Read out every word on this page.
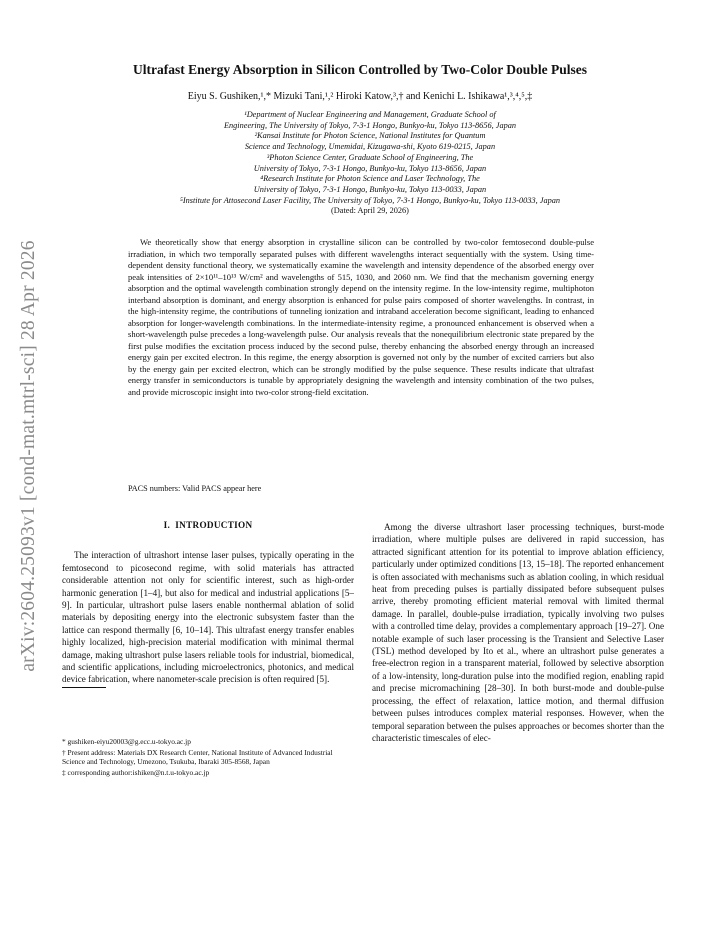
arXiv:2604.25093v1 [cond-mat.mtrl-sci] 28 Apr 2026
Ultrafast Energy Absorption in Silicon Controlled by Two-Color Double Pulses
Eiyu S. Gushiken,¹,* Mizuki Tani,¹,² Hiroki Katow,³,† and Kenichi L. Ishikawa¹,³,⁴,⁵,‡
¹Department of Nuclear Engineering and Management, Graduate School of
Engineering, The University of Tokyo, 7-3-1 Hongo, Bunkyo-ku, Tokyo 113-8656, Japan
²Kansai Institute for Photon Science, National Institutes for Quantum
Science and Technology, Umemidai, Kizugawa-shi, Kyoto 619-0215, Japan
³Photon Science Center, Graduate School of Engineering, The
University of Tokyo, 7-3-1 Hongo, Bunkyo-ku, Tokyo 113-8656, Japan
⁴Research Institute for Photon Science and Laser Technology, The
University of Tokyo, 7-3-1 Hongo, Bunkyo-ku, Tokyo 113-0033, Japan
⁵Institute for Attosecond Laser Facility, The University of Tokyo, 7-3-1 Hongo, Bunkyo-ku, Tokyo 113-0033, Japan
(Dated: April 29, 2026)
We theoretically show that energy absorption in crystalline silicon can be controlled by two-color femtosecond double-pulse irradiation, in which two temporally separated pulses with different wavelengths interact sequentially with the system. Using time-dependent density functional theory, we systematically examine the wavelength and intensity dependence of the absorbed energy over peak intensities of 2×10¹¹–10¹³ W/cm² and wavelengths of 515, 1030, and 2060 nm. We find that the mechanism governing energy absorption and the optimal wavelength combination strongly depend on the intensity regime. In the low-intensity regime, multiphoton interband absorption is dominant, and energy absorption is enhanced for pulse pairs composed of shorter wavelengths. In contrast, in the high-intensity regime, the contributions of tunneling ionization and intraband acceleration become significant, leading to enhanced absorption for longer-wavelength combinations. In the intermediate-intensity regime, a pronounced enhancement is observed when a short-wavelength pulse precedes a long-wavelength pulse. Our analysis reveals that the nonequilibrium electronic state prepared by the first pulse modifies the excitation process induced by the second pulse, thereby enhancing the absorbed energy through an increased energy gain per excited electron. In this regime, the energy absorption is governed not only by the number of excited carriers but also by the energy gain per excited electron, which can be strongly modified by the pulse sequence. These results indicate that ultrafast energy transfer in semiconductors is tunable by appropriately designing the wavelength and intensity combination of the two pulses, and provide microscopic insight into two-color strong-field excitation.
PACS numbers: Valid PACS appear here
I. INTRODUCTION

The interaction of ultrashort intense laser pulses, typically operating in the femtosecond to picosecond regime, with solid materials has attracted considerable attention not only for scientific interest, such as high-order harmonic generation [1–4], but also for medical and industrial applications [5–9]. In particular, ultrashort pulse lasers enable nonthermal ablation of solid materials by depositing energy into the electronic subsystem faster than the lattice can respond thermally [6, 10–14]. This ultrafast energy transfer enables highly localized, high-precision material modification with minimal thermal damage, making ultrashort pulse lasers reliable tools for industrial, biomedical, and scientific applications, including microelectronics, photonics, and medical device fabrication, where nanometer-scale precision is often required [5].

Among the diverse ultrashort laser processing techniques, burst-mode irradiation, where multiple pulses are delivered in rapid succession, has attracted significant attention for its potential to improve ablation efficiency, particularly under optimized conditions [13, 15–18]. The reported enhancement is often associated with mechanisms such as ablation cooling, in which residual heat from preceding pulses is partially dissipated before subsequent pulses arrive, thereby promoting efficient material removal with limited thermal damage. In parallel, double-pulse irradiation, typically involving two pulses with a controlled time delay, provides a complementary approach [19–27]. One notable example of such laser processing is the Transient and Selective Laser (TSL) method developed by Ito et al., where an ultrashort pulse generates a free-electron region in a transparent material, followed by selective absorption of a low-intensity, long-duration pulse into the modified region, enabling rapid and precise micromachining [28–30]. In both burst-mode and double-pulse processing, the effect of relaxation, lattice motion, and thermal diffusion between pulses introduces complex material responses. However, when the temporal separation between the pulses approaches or becomes shorter than the characteristic timescales of elec-

* gushiken-eiyu20003@g.ecc.u-tokyo.ac.jp
† Present address: Materials DX Research Center, National Institute of Advanced Industrial Science and Technology, Umezono, Tsukuba, Ibaraki 305-8568, Japan
‡ corresponding author:ishiken@n.t.u-tokyo.ac.jp
